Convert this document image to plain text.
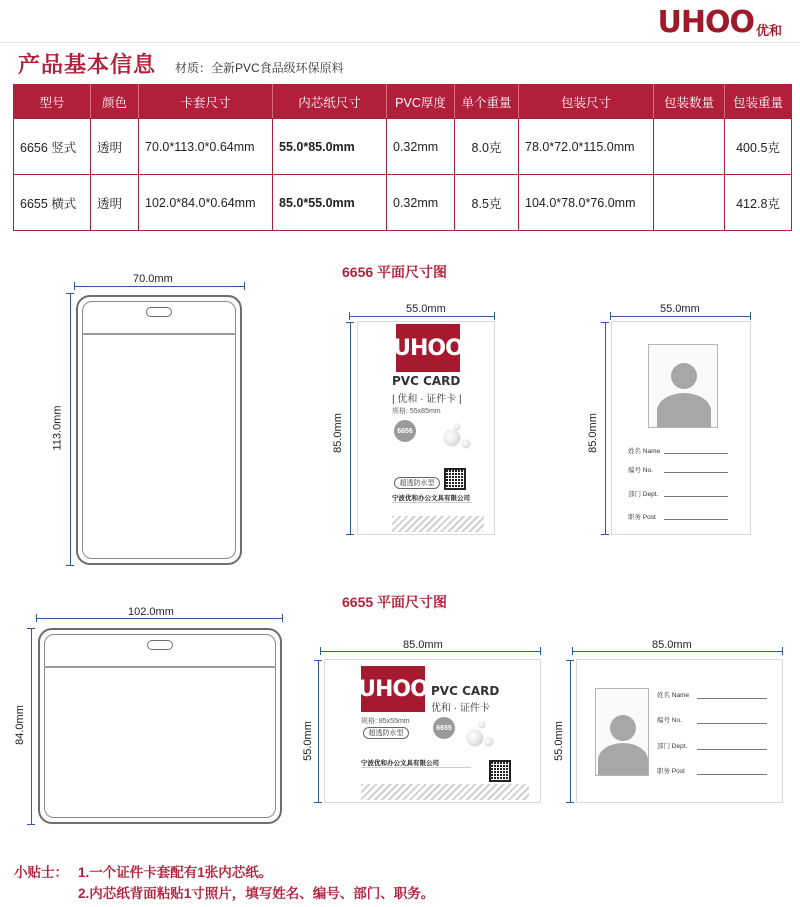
UHOO 优和
产品基本信息 材质：全新PVC食品级环保原料
型号	颜色	卡套尺寸	内芯纸尺寸	PVC厚度	单个重量	包装尺寸	包装数量	包装重量
6656 竖式	透明	70.0*113.0*0.64mm	55.0*85.0mm	0.32mm	8.0克	78.0*72.0*115.0mm		400.5克
6655 横式	透明	102.0*84.0*0.64mm	85.0*55.0mm	0.32mm	8.5克	104.0*78.0*76.0mm		412.8克
6656 平面尺寸图
70.0mm
113.0mm
55.0mm
85.0mm
UHOO
PVC CARD
| 优和 · 证件卡 |
规格: 55x85mm
6656
超透防水型
宁波优和办公文具有限公司
55.0mm
85.0mm	姓名 Name
编号 No.
部门 Dept.
职务 Post
6655 平面尺寸图
102.0mm
84.0mm
85.0mm
55.0mm
UHOO PVC CARD
优和 · 证件卡
规格: 85x55mm
超透防水型
6655
宁波优和办公文具有限公司
85.0mm
55.0mm
姓名 Name
编号 No.
部门 Dept.
职务 Post
小贴士： 1.一个证件卡套配有1张内芯纸。
2.内芯纸背面粘贴1寸照片，填写姓名、编号、部门、职务。
